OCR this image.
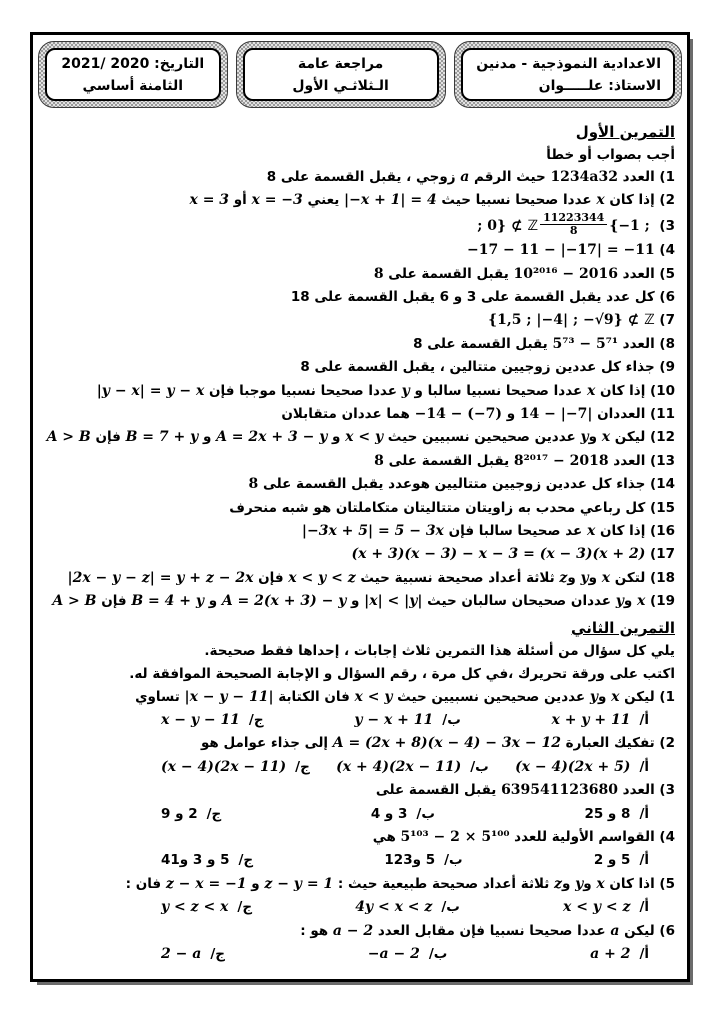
الاعدادية النموذجية - مدنين
الاستاذ: علـــــوان
مراجعة عامة
الـثلاثـي الأول
التاريخ: 2020 /2021
الثامنة أساسي
التمرين الأول
أجب بصواب أو خطأ
1) العدد 1234a32 حيث الرقم a زوجي ، يقبل القسمة على 8
2) إذا كان x عددا صحيحا نسبيا حيث |−x + 1| = 4 يعني x = −3 أو x = 3
3) {−1 ;
$\frac{11223344}{8}$
; 0} ⊄ ℤ
4) −17 − 11 − |−17| = −11
5) العدد 10²⁰¹⁶ − 2016 يقبل القسمة على 8
6) كل عدد يقبل القسمة على 3 و 6 يقبل القسمة على 18
7) {1,5 ; |−4| ; −√9} ⊄ ℤ
8) العدد 5⁷³ − 5⁷¹ يقبل القسمة على 8
9) جذاء كل عددين زوجيين متتالين ، يقبل القسمة على 8
10) إذا كان x عددا صحيحا نسبيا سالبا و y عددا صحيحا نسبيا موجبا فإن |y − x| = y − x
11) العددان 14 − |−7| و −14 − (−7) هما عددان متقابلان
12) ليكن x وy عددين صحيحين نسبيين حيث x < y و A = 2x + 3 − y و B = 7 + y فإن A > B
13) العدد 8²⁰¹⁷ − 2018 يقبل القسمة على 8
14) جذاء كل عددين زوجيين متتاليين هوعدد يقبل القسمة على 8
15) كل رباعي محدب به زاويتان متتاليتان متكاملتان هو شبه منحرف
16) إذا كان x عد صحيحا سالبا فإن |−3x + 5| = 5 − 3x
17) (x + 3)(x − 3) − x − 3 = (x − 3)(x + 2)
18) لتكن x وy وz ثلاثة أعداد صحيحة نسبية حيث x < y < z فإن |2x − y − z| = y + z − 2x
19) x وy عددان صحيحان سالبان حيث |x| < |y| و A = 2(x + 3) − y و B = 4 + y فإن A > B
التمرين الثاني
يلي كل سؤال من أسئلة هذا التمرين ثلاث إجابات ، إحداها فقط صحيحة.
اكتب على ورقة تحريرك ،في كل مرة ، رقم السؤال و الإجابة الصحيحة الموافقة له.
1) ليكن x وy عددين صحيحين نسبيين حيث x < y فان الكتابة |x − y − 11| تساوي
أ/x + y + 11
ب/y − x + 11
ج/x − y − 11
2) تفكيك العبارة A = (2x + 8)(x − 4) − 3x − 12 إلى جذاء عوامل هو
أ/(x − 4)(2x + 5)
ب/(x + 4)(2x − 11)
ج/(x − 4)(2x − 11)
3) العدد 639541123680 يقبل القسمة على
أ/8 و 25
ب/3 و 4
ج/2 و 9
4) القواسم الأولية للعدد 5¹⁰³ − 2 × 5¹⁰⁰ هي
أ/5 و 2
ب/5 و123
ج/5 و 3 و41
5) اذا كان x وy وz ثلاثة أعداد صحيحة طبيعية حيث : z − y = 1 و z − x = −1 فان :
أ/x < y < z
ب/4y < x < z
ج/y < z < x
6) ليكن a عددا صحيحا نسبيا فإن مقابل العدد a − 2 هو :
أ/a + 2
ب/−a − 2
ج/2 − a
